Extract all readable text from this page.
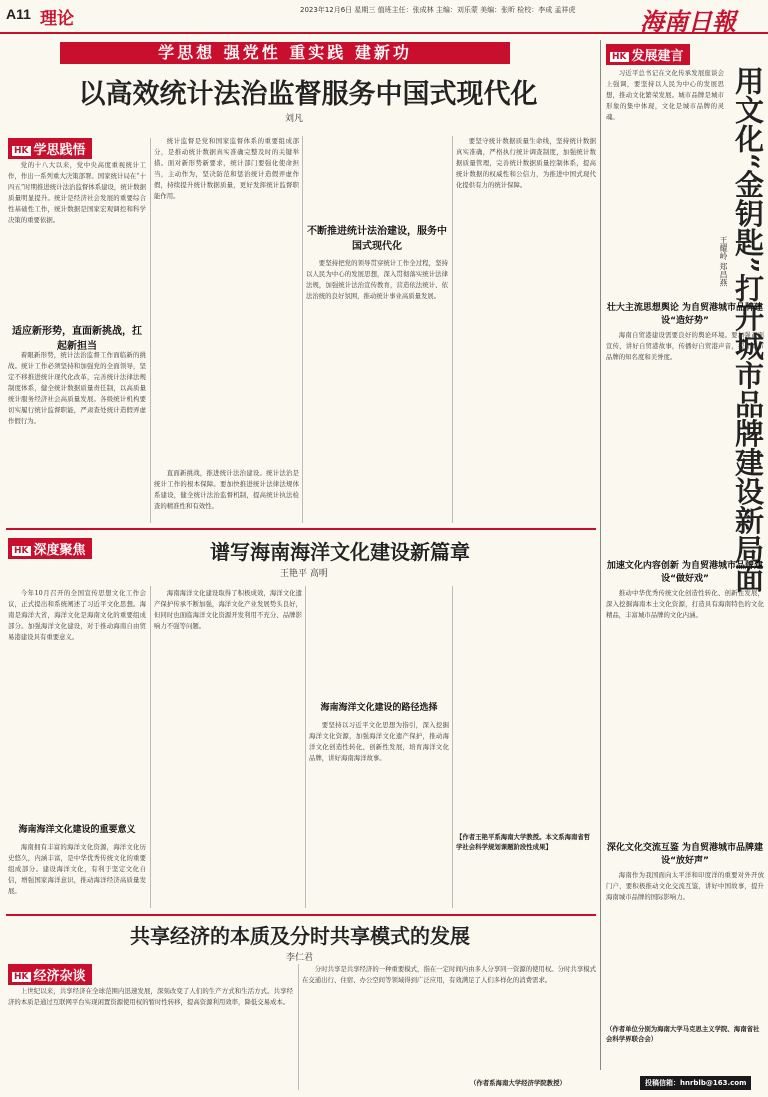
A11 理论	2023年12月6日 星期三 值班主任：张成林 主编：刘乐蒙 美编：张昕 检校：李成 孟祥虎	海南日報
学思想 强党性 重实践 建新功
以高效统计法治监督服务中国式现代化
刘凡
HK 学思践悟
党的十八大以来，党中央高度重视统计工作，作出一系列重大决策部署。国家统计局在“十四五”时期推进统计法治监督体系建设，统计数据质量明显提升。统计是经济社会发展的重要综合性基础性工作，统计数据是国家宏观调控和科学决策的重要依据。
适应新形势，直面新挑战，扛起新担当
着眼新形势，统计法治监督工作面临新的挑战。统计工作必须坚持和加强党的全面领导，坚定不移推进统计现代化改革，完善统计法律法规制度体系，健全统计数据质量责任制，以高质量统计服务经济社会高质量发展。各级统计机构要切实履行统计监督职能，严肃查处统计造假弄虚作假行为。
统计监督是党和国家监督体系的重要组成部分，是推动统计数据真实准确完整及时的关键举措。面对新形势新要求，统计部门要强化使命担当，主动作为，坚决防范和惩治统计造假弄虚作假，持续提升统计数据质量，更好发挥统计监督职能作用。
直面新挑战，推进统计法治建设。统计法治是统计工作的根本保障。要加快推进统计法律法规体系建设，健全统计法治监督机制，提高统计执法检查的精准性和有效性。
不断推进统计法治建设，服务中国式现代化
要坚持把党的领导贯穿统计工作全过程，坚持以人民为中心的发展思想，深入贯彻落实统计法律法规，加强统计法治宣传教育，营造依法统计、依法治统的良好氛围，推动统计事业高质量发展。
要坚守统计数据质量生命线，坚持统计数据真实准确，严格执行统计调查制度，加强统计数据质量管理，完善统计数据质量控制体系，提高统计数据的权威性和公信力，为推进中国式现代化提供有力的统计保障。
HK 发展建言
习近平总书记在文化传承发展座谈会上强调，要坚持以人民为中心的发展思想，推动文化繁荣发展。城市品牌是城市形象的集中体现，文化是城市品牌的灵魂。	用文化“金钥匙”打开城市品牌建设新局面
王耀岭 郑昌燕
壮大主流思想舆论 为自贸港城市品牌建设“造好势”
海南自贸港建设需要良好的舆论环境。要加强正面宣传，讲好自贸港故事，传播好自贸港声音，提升城市品牌的知名度和美誉度。
加速文化内容创新 为自贸港城市品牌建设“做好戏”
推动中华优秀传统文化创造性转化、创新性发展，深入挖掘海南本土文化资源，打造具有海南特色的文化精品，丰富城市品牌的文化内涵。
深化文化交流互鉴 为自贸港城市品牌建设“放好声”
海南作为我国面向太平洋和印度洋的重要对外开放门户，要积极推动文化交流互鉴，讲好中国故事，提升海南城市品牌的国际影响力。
（作者单位分别为海南大学马克思主义学院、海南省社会科学界联合会）
投稿信箱：hnrblb@163.com
HK 深度聚焦	谱写海南海洋文化建设新篇章
王艳平 高明
今年10月召开的全国宣传思想文化工作会议，正式提出和系统阐述了习近平文化思想。海南是海洋大省，海洋文化是海南文化的重要组成部分。加强海洋文化建设，对于推动海南自由贸易港建设具有重要意义。
海南海洋文化建设的重要意义
海南拥有丰富的海洋文化资源，海洋文化历史悠久，内涵丰富，是中华优秀传统文化的重要组成部分。建设海洋文化，有利于坚定文化自信，增强国家海洋意识，推动海洋经济高质量发展。
海南海洋文化建设取得了积极成效，海洋文化遗产保护传承不断加强，海洋文化产业发展势头良好，但同时也面临海洋文化资源开发利用不充分、品牌影响力不强等问题。
海南海洋文化建设的路径选择
要坚持以习近平文化思想为指引，深入挖掘海洋文化资源，加强海洋文化遗产保护，推动海洋文化创造性转化、创新性发展，培育海洋文化品牌，讲好海南海洋故事。
【作者王艳平系海南大学教授。本文系海南省哲学社会科学规划课题阶段性成果】
共享经济的本质及分时共享模式的发展
李仁君
HK 经济杂谈
上世纪以来，共享经济在全球范围内迅速发展，深刻改变了人们的生产方式和生活方式。共享经济的本质是通过互联网平台实现闲置资源使用权的暂时性转移，提高资源利用效率，降低交易成本。
分时共享是共享经济的一种重要模式，指在一定时间内由多人分享同一资源的使用权。分时共享模式在交通出行、住宿、办公空间等领域得到广泛应用，有效满足了人们多样化的消费需求。
（作者系海南大学经济学院教授）
